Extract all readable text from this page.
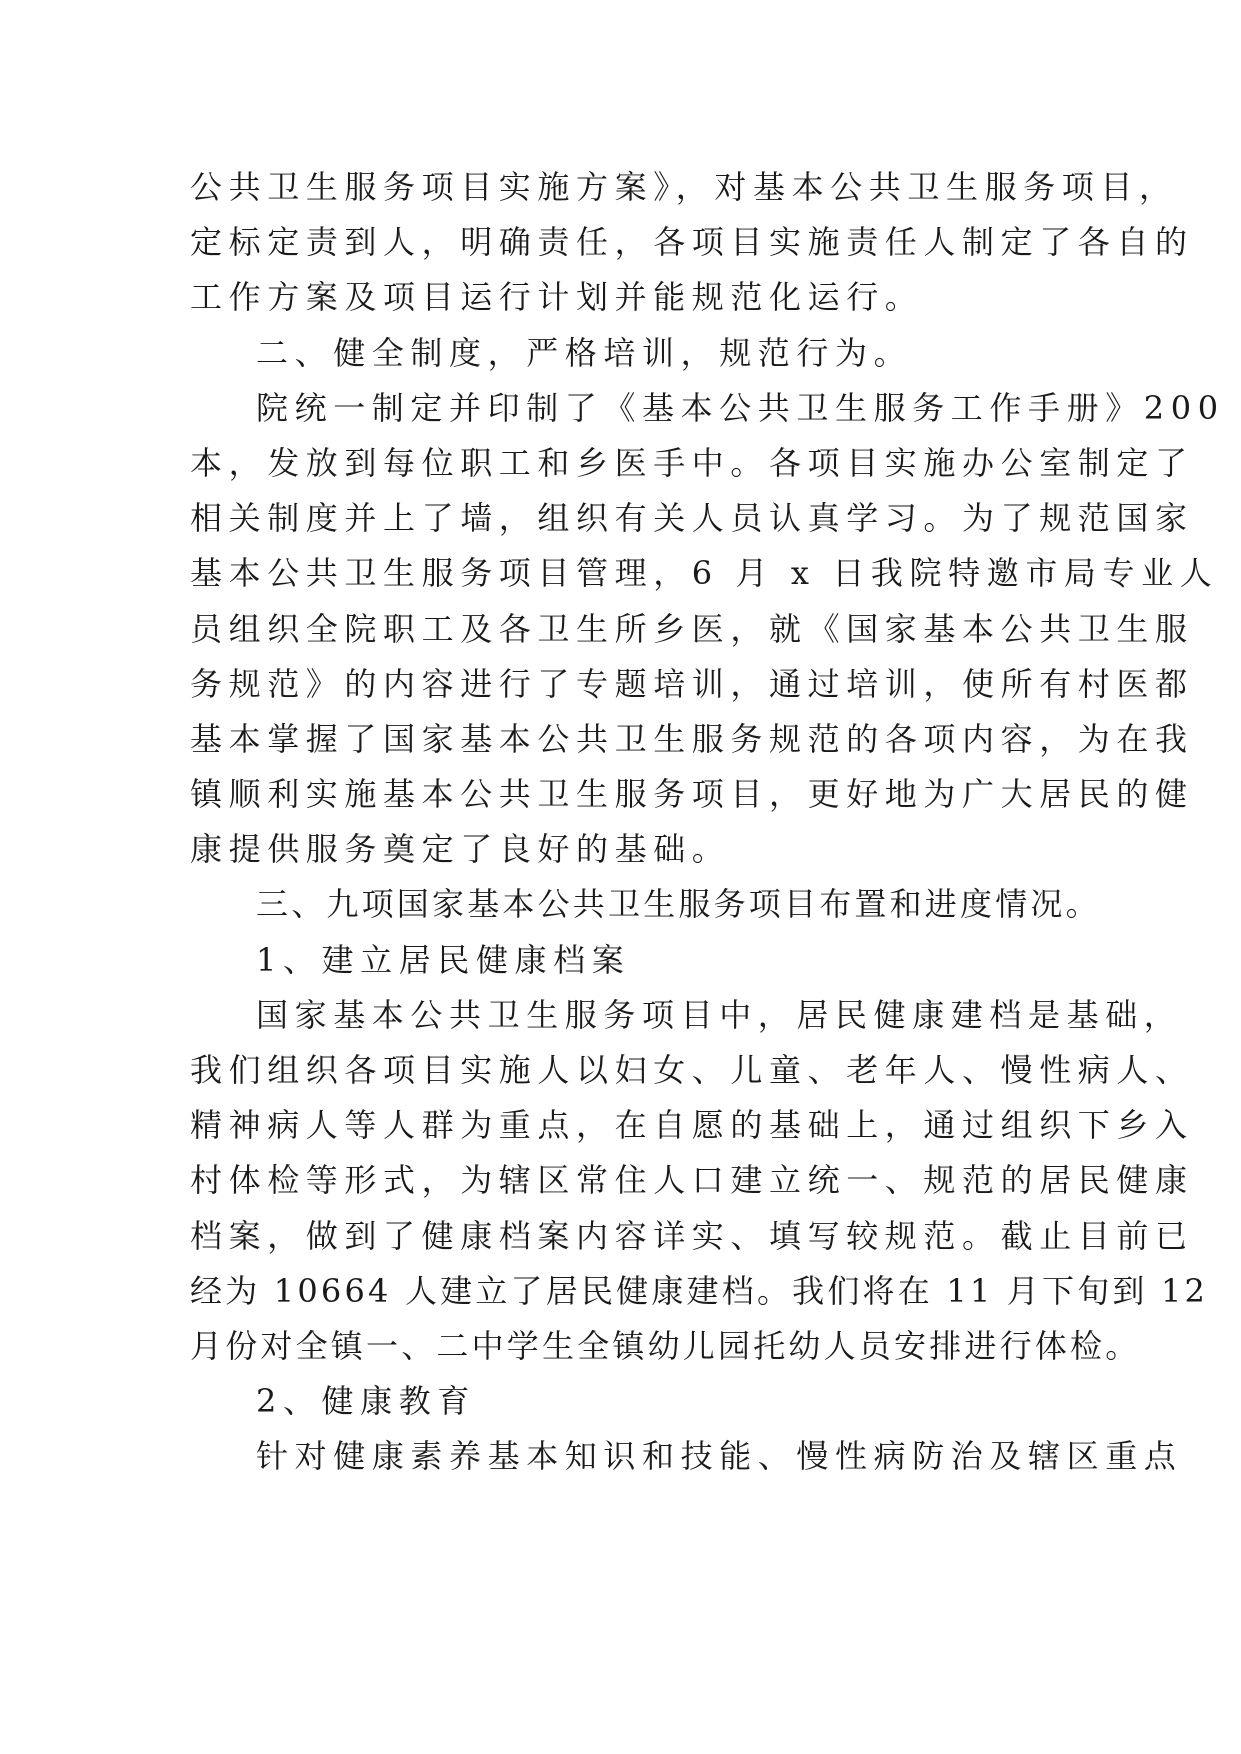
公共卫生服务项目实施方案》，对基本公共卫生服务项目，
定标定责到人，明确责任，各项目实施责任人制定了各自的
工作方案及项目运行计划并能规范化运行。
二、健全制度，严格培训，规范行为。
院统一制定并印制了《基本公共卫生服务工作手册》200
本，发放到每位职工和乡医手中。各项目实施办公室制定了
相关制度并上了墙，组织有关人员认真学习。为了规范国家
基本公共卫生服务项目管理，6 月 x 日我院特邀市局专业人
员组织全院职工及各卫生所乡医，就《国家基本公共卫生服
务规范》的内容进行了专题培训，通过培训，使所有村医都
基本掌握了国家基本公共卫生服务规范的各项内容，为在我
镇顺利实施基本公共卫生服务项目，更好地为广大居民的健
康提供服务奠定了良好的基础。
三、九项国家基本公共卫生服务项目布置和进度情况。
1、建立居民健康档案
国家基本公共卫生服务项目中，居民健康建档是基础，
我们组织各项目实施人以妇女、儿童、老年人、慢性病人、
精神病人等人群为重点，在自愿的基础上，通过组织下乡入
村体检等形式，为辖区常住人口建立统一、规范的居民健康
档案，做到了健康档案内容详实、填写较规范。截止目前已
经为 10664 人建立了居民健康建档。我们将在 11 月下旬到 12
月份对全镇一、二中学生全镇幼儿园托幼人员安排进行体检。
2、健康教育
针对健康素养基本知识和技能、慢性病防治及辖区重点
